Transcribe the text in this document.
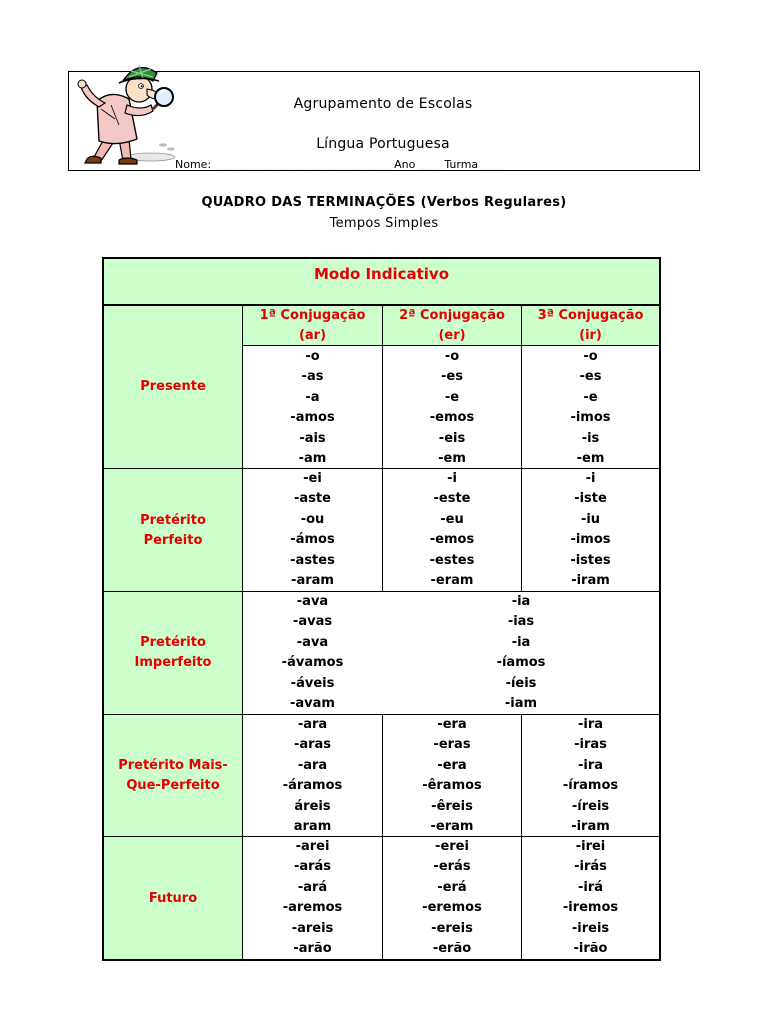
Agrupamento de Escolas
Língua Portuguesa
Nome: ________________________________ Ano ____ Turma ____
QUADRO DAS TERMINAÇÕES (Verbos Regulares)
Tempos Simples
Modo Indicativo
1ª Conjugação
(ar)
2ª Conjugação
(er)
3ª Conjugação
(ir)
Presente
-o
-as
-a
-amos
-ais
-am
-o
-es
-e
-emos
-eis
-em
-o
-es
-e
-imos
-is
-em
Pretérito
Perfeito
-ei
-aste
-ou
-ámos
-astes
-aram
-i
-este
-eu
-emos
-estes
-eram
-i
-iste
-iu
-imos
-istes
-iram
Pretérito
Imperfeito
-ava
-avas
-ava
-ávamos
-áveis
-avam
-ia
-ias
-ia
-íamos
-íeis
-iam
Pretérito Mais-
Que-Perfeito
-ara
-aras
-ara
-áramos
áreis
aram
-era
-eras
-era
-êramos
-êreis
-eram
-ira
-iras
-ira
-íramos
-íreis
-iram
Futuro
-arei
-arás
-ará
-aremos
-areis
-arão
-erei
-erás
-erá
-eremos
-ereis
-erão
-irei
-irás
-irá
-iremos
-ireis
-irão
